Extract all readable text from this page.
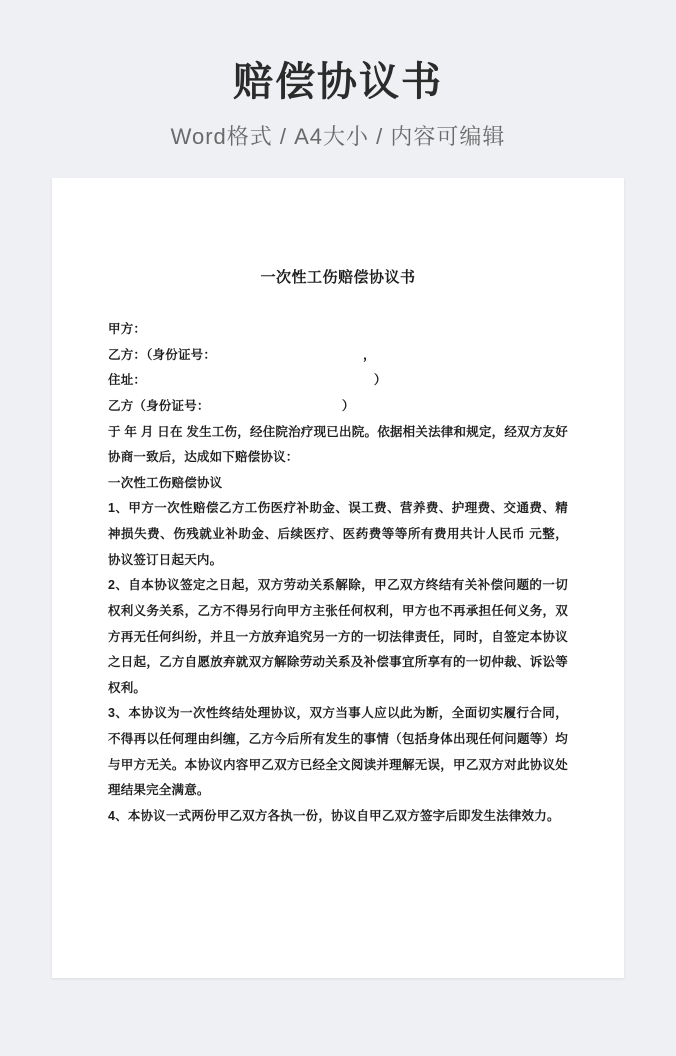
赔偿协议书
Word格式 / A4大小 / 内容可编辑
一次性工伤赔偿协议书

甲方：

乙方：（身份证号：                                        ，

住址：                                                              ）

乙方（身份证号：                                    ）

于 年 月 日在 发生工伤，经住院治疗现已出院。依据相关法律和规定，经双方友好协商一致后，达成如下赔偿协议：

一次性工伤赔偿协议

1、甲方一次性赔偿乙方工伤医疗补助金、误工费、营养费、护理费、交通费、精神损失费、伤残就业补助金、后续医疗、医药费等等所有费用共计人民币 元整，协议签订日起天内。

2、自本协议签定之日起，双方劳动关系解除，甲乙双方终结有关补偿问题的一切权利义务关系，乙方不得另行向甲方主张任何权利，甲方也不再承担任何义务，双方再无任何纠纷，并且一方放弃追究另一方的一切法律责任，同时，自签定本协议之日起，乙方自愿放弃就双方解除劳动关系及补偿事宜所享有的一切仲裁、诉讼等权利。

3、本协议为一次性终结处理协议，双方当事人应以此为断，全面切实履行合同，不得再以任何理由纠缠，乙方今后所有发生的事情（包括身体出现任何问题等）均与甲方无关。本协议内容甲乙双方已经全文阅读并理解无误，甲乙双方对此协议处理结果完全满意。

4、本协议一式两份甲乙双方各执一份，协议自甲乙双方签字后即发生法律效力。
